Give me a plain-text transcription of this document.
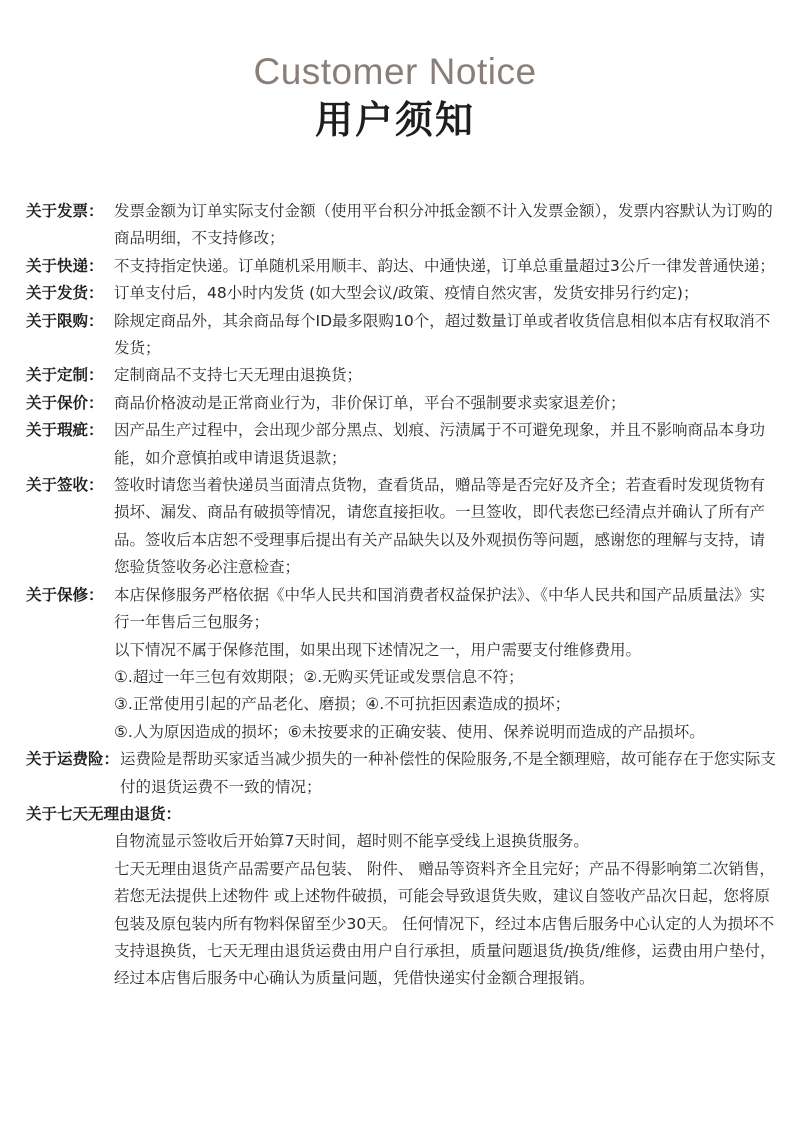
Customer Notice
用户须知
关于发票： 发票金额为订单实际支付金额（使用平台积分冲抵金额不计入发票金额），发票内容默认为订购的商品明细，不支持修改；
关于快递： 不支持指定快递。订单随机采用顺丰、韵达、中通快递，订单总重量超过3公斤一律发普通快递；
关于发货： 订单支付后，48小时内发货 (如大型会议/政策、疫情自然灾害，发货安排另行约定)；
关于限购： 除规定商品外，其余商品每个ID最多限购10个，超过数量订单或者收货信息相似本店有权取消不发货；
关于定制： 定制商品不支持七天无理由退换货；
关于保价： 商品价格波动是正常商业行为，非价保订单，平台不强制要求卖家退差价；
关于瑕疵： 因产品生产过程中，会出现少部分黑点、划痕、污渍属于不可避免现象，并且不影响商品本身功能，如介意慎拍或申请退货退款；
关于签收： 签收时请您当着快递员当面清点货物，查看货品，赠品等是否完好及齐全；若查看时发现货物有损坏、漏发、商品有破损等情况，请您直接拒收。一旦签收，即代表您已经清点并确认了所有产品。签收后本店恕不受理事后提出有关产品缺失以及外观损伤等问题，感谢您的理解与支持，请您验货签收务必注意检查；
关于保修： 本店保修服务严格依据《中华人民共和国消费者权益保护法》、《中华人民共和国产品质量法》实行一年售后三包服务；
以下情况不属于保修范围，如果出现下述情况之一，用户需要支付维修费用。
①.超过一年三包有效期限；②.无购买凭证或发票信息不符；
③.正常使用引起的产品老化、磨损；④.不可抗拒因素造成的损坏；
⑤.人为原因造成的损坏；⑥未按要求的正确安装、使用、保养说明而造成的产品损坏。
关于运费险： 运费险是帮助买家适当减少损失的一种补偿性的保险服务,不是全额理赔，故可能存在于您实际支付的退货运费不一致的情况；
关于七天无理由退货：
自物流显示签收后开始算7天时间，超时则不能享受线上退换货服务。
七天无理由退货产品需要产品包装、 附件、 赠品等资料齐全且完好；产品不得影响第二次销售，若您无法提供上述物件 或上述物件破损，可能会导致退货失败，建议自签收产品次日起，您将原包装及原包装内所有物料保留至少30天。 任何情况下，经过本店售后服务中心认定的人为损坏不支持退换货，七天无理由退货运费由用户自行承担，质量问题退货/换货/维修，运费由用户垫付，经过本店售后服务中心确认为质量问题，凭借快递实付金额合理报销。
